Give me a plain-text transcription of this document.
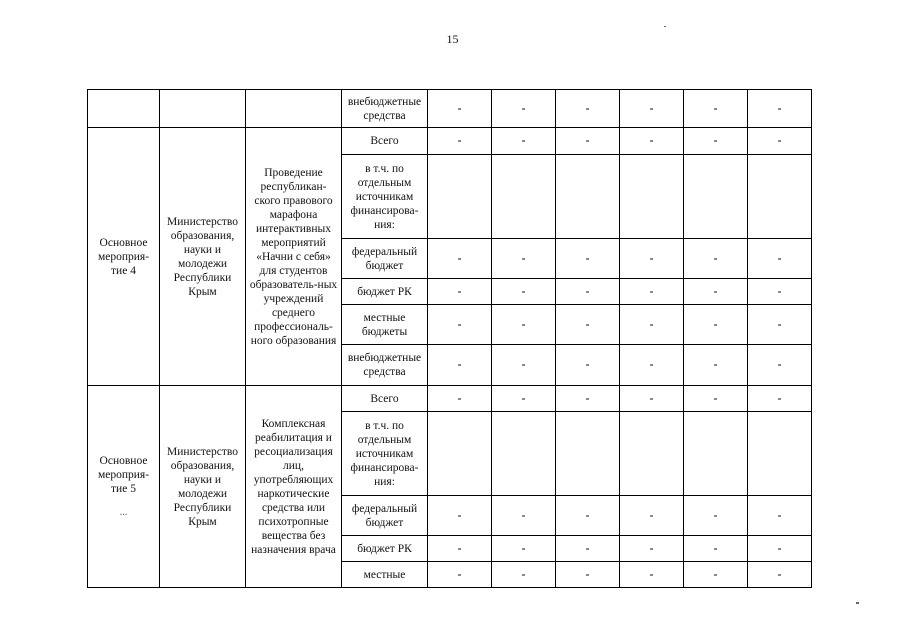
15
			внебюджетные средства	-	-	-	-	-	-
Основное мероприя-тие 4	Министерство образования, науки и молодежи Республики Крым	Проведение республикан-ского правового марафона интерактивных мероприятий «Начни с себя» для студентов образователь-ных учреждений среднего профессиональ-ного образования	Всего	-	-	-	-	-	-
			в т.ч. по отдельным источникам финансирова-ния:						
			федеральный бюджет	-	-	-	-	-	-
			бюджет РК	-	-	-	-	-	-
			местные бюджеты	-	-	-	-	-	-
			внебюджетные средства	-	-	-	-	-	-

Основное мероприя-тие 5
...	Министерство образования, науки и молодежи Республики Крым	Комплексная реабилитация и ресоциализация лиц, употребляющих наркотические средства или психотропные вещества без назначения врача	Всего	-	-	-	-	-	-
			в т.ч. по отдельным источникам финансирова-ния:						
			федеральный бюджет	-	-	-	-	-	-
			бюджет РК	-	-	-	-	-	-
			местные	-	-	-	-	-	-
